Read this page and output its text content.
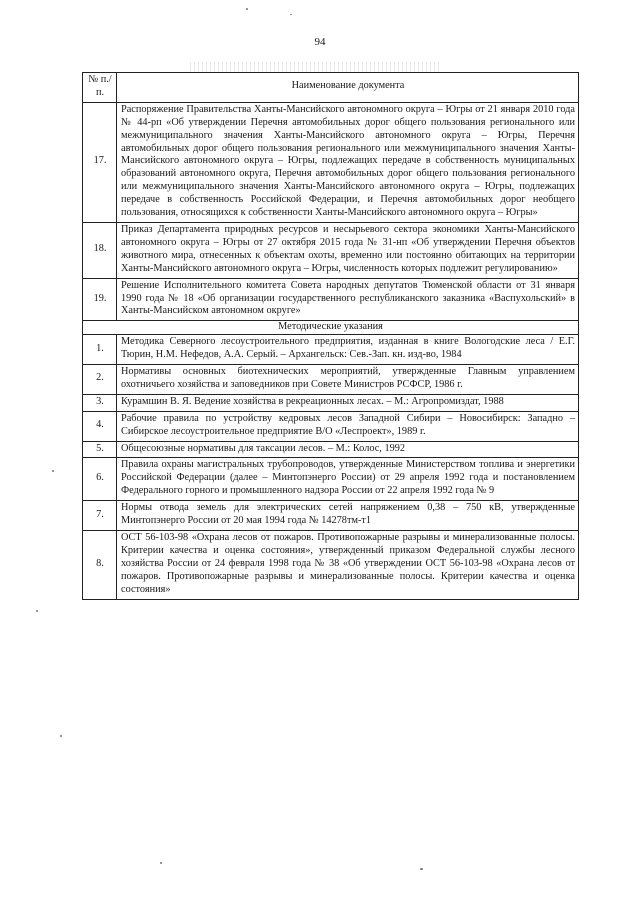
94
№ п./п.	Наименование документа
17.	Распоряжение Правительства Ханты-Мансийского автономного округа – Югры от 21 января 2010 года № 44-рп «Об утверждении Перечня автомобильных дорог общего пользования регионального или межмуниципального значения Ханты-Мансийского автономного округа – Югры, Перечня автомобильных дорог общего пользования регионального или межмуниципального значения Ханты-Мансийского автономного округа – Югры, подлежащих передаче в собственность муниципальных образований автономного округа, Перечня автомобильных дорог общего пользования регионального или межмуниципального значения Ханты-Мансийского автономного округа – Югры, подлежащих передаче в собственность Российской Федерации, и Перечня автомобильных дорог необщего пользования, относящихся к собственности Ханты-Мансийского автономного округа – Югры»
18.	Приказ Департамента природных ресурсов и несырьевого сектора экономики Ханты-Мансийского автономного округа – Югры от 27 октября 2015 года № 31-нп «Об утверждении Перечня объектов животного мира, отнесенных к объектам охоты, временно или постоянно обитающих на территории Ханты-Мансийского автономного округа – Югры, численность которых подлежит регулированию»
19.	Решение Исполнительного комитета Совета народных депутатов Тюменской области от 31 января 1990 года № 18 «Об организации государственного республиканского заказника «Васпухольский» в Ханты-Мансийском автономном округе»
Методические указания	
1.	Методика Северного лесоустроительного предприятия, изданная в книге Вологодские леса / Е.Г. Тюрин, Н.М. Нефедов, А.А. Серый. – Архангельск: Сев.-Зап. кн. изд-во, 1984
2.	Нормативы основных биотехнических мероприятий, утвержденные Главным управлением охотничьего хозяйства и заповедников при Совете Министров РСФСР, 1986 г.
3.	Курамшин В. Я. Ведение хозяйства в рекреационных лесах. – М.: Агропромиздат, 1988
4.	Рабочие правила по устройству кедровых лесов Западной Сибири – Новосибирск: Западно – Сибирское лесоустроительное предприятие В/О «Леспроект», 1989 г.
5.	Общесоюзные нормативы для таксации лесов. – М.: Колос, 1992
6.	Правила охраны магистральных трубопроводов, утвержденные Министерством топлива и энергетики Российской Федерации (далее – Минтопэнерго России) от 29 апреля 1992 года и постановлением Федерального горного и промышленного надзора России от 22 апреля 1992 года № 9
7.	Нормы отвода земель для электрических сетей напряжением 0,38 – 750 кВ, утвержденные Минтопэнерго России от 20 мая 1994 года № 14278тм-т1
8.	ОСТ 56-103-98 «Охрана лесов от пожаров. Противопожарные разрывы и минерализованные полосы. Критерии качества и оценка состояния», утвержденный приказом Федеральной службы лесного хозяйства России от 24 февраля 1998 года № 38 «Об утверждении ОСТ 56-103-98 «Охрана лесов от пожаров. Противопожарные разрывы и минерализованные полосы. Критерии качества и оценка состояния»
